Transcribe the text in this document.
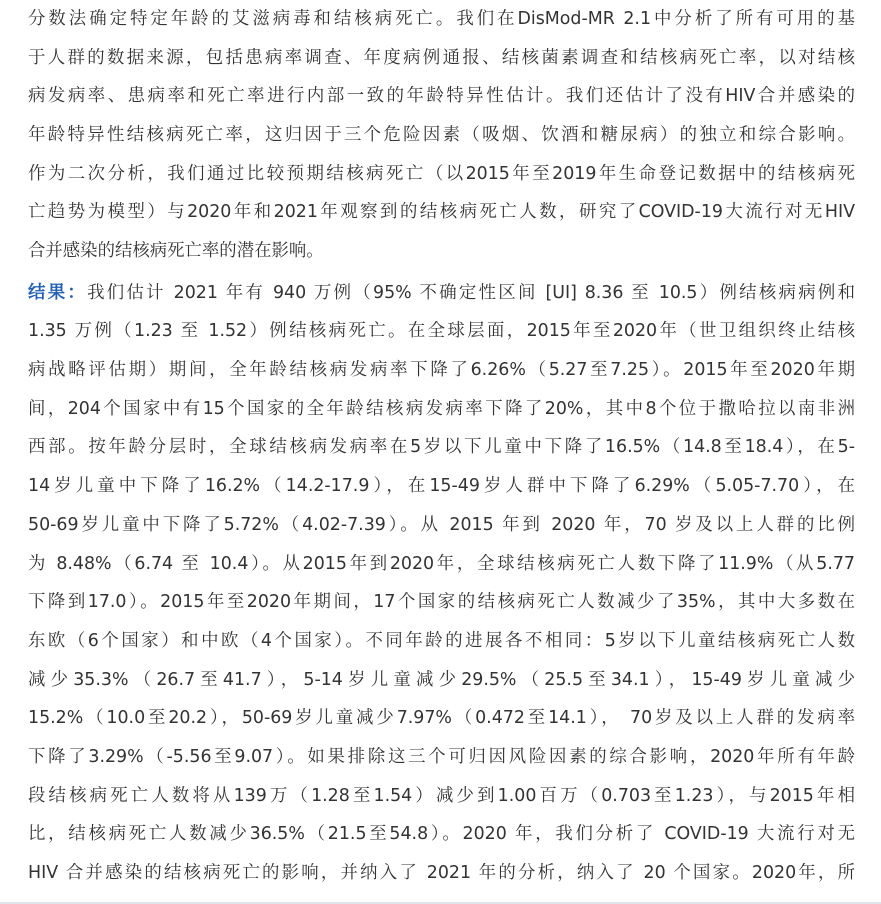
分数法确定特定年龄的艾滋病毒和结核病死亡。我们在DisMod-MR 2.1中分析了所有可用的基
于人群的数据来源，包括患病率调查、年度病例通报、结核菌素调查和结核病死亡率，以对结核
病发病率、患病率和死亡率进行内部一致的年龄特异性估计。我们还估计了没有HIV合并感染的
年龄特异性结核病死亡率，这归因于三个危险因素（吸烟、饮酒和糖尿病）的独立和综合影响。
作为二次分析，我们通过比较预期结核病死亡（以2015年至2019年生命登记数据中的结核病死
亡趋势为模型）与2020年和2021年观察到的结核病死亡人数，研究了COVID-19大流行对无HIV
合并感染的结核病死亡率的潜在影响。
结果：我们估计 2021 年有 940 万例（95% 不确定性区间 [UI] 8.36 至 10.5）例结核病病例和
1.35 万例（1.23 至 1.52）例结核病死亡。在全球层面，2015年至2020年（世卫组织终止结核
病战略评估期）期间，全年龄结核病发病率下降了6.26%（5.27至7.25）。2015年至2020年期
间，204个国家中有15个国家的全年龄结核病发病率下降了20%，其中8个位于撒哈拉以南非洲
西部。按年龄分层时，全球结核病发病率在5岁以下儿童中下降了16.5%（14.8至18.4），在5-
14岁儿童中下降了16.2%（14.2-17.9），在15-49岁人群中下降了6.29%（5.05-7.70），在
50-69岁儿童中下降了5.72%（4.02-7.39）。从 2015 年到 2020 年，70 岁及以上人群的比例
为 8.48%（6.74 至 10.4）。从2015年到2020年，全球结核病死亡人数下降了11.9%（从5.77
下降到17.0）。2015年至2020年期间，17个国家的结核病死亡人数减少了35%，其中大多数在
东欧（6个国家）和中欧（4个国家）。不同年龄的进展各不相同：5岁以下儿童结核病死亡人数
减少35.3%（26.7至41.7），5-14岁儿童减少29.5%（25.5至34.1），15-49岁儿童减少
15.2%（10.0至20.2），50-69岁儿童减少7.97%（0.472至14.1）， 70岁及以上人群的发病率
下降了3.29%（-5.56至9.07）。如果排除这三个可归因风险因素的综合影响，2020年所有年龄
段结核病死亡人数将从139万（1.28至1.54）减少到1.00百万（0.703至1.23），与2015年相
比，结核病死亡人数减少36.5%（21.5至54.8）。2020 年，我们分析了 COVID-19 大流行对无
HIV 合并感染的结核病死亡的影响，并纳入了 2021 年的分析，纳入了 20 个国家。2020年，所
